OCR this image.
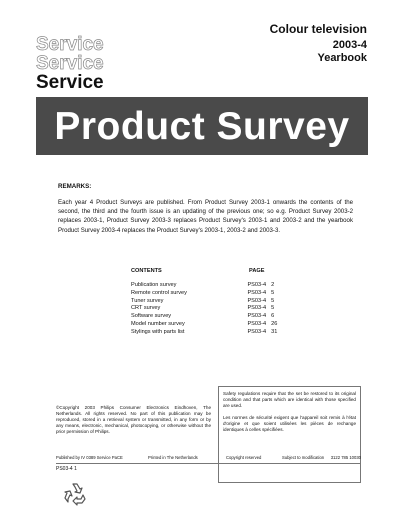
Colour television
2003-4
Yearbook
Service
Service
Service
Product Survey
REMARKS:
Each year 4 Product Surveys are published. From Product Survey 2003-1 onwards the contents of the second, the third and the fourth issue is an updating of the previous one; so e.g. Product Survey 2003-2 replaces 2003-1, Product Survey 2003-3 replaces Product Survey's 2003-1 and 2003-2 and the yearbook Product Survey 2003-4 replaces the Product Survey's 2003-1, 2003-2 and 2003-3.
CONTENTS	PAGE
Publication survey	PS03-4 2
Remote control survey	PS03-4 5
Tuner survey	PS03-4 5
CRT survey	PS03-4 5
Software survey	PS03-4 6
Model number survey	PS03-4 26
Stylings with parts list	PS03-4 31

Safety regulations require that the set be restored to its original condition and that parts which are identical with those specified are used.

Les normes de sécurité exigent que l'appareil soit remis à l'état d'origine et que soient utilisées les pièces de rechange identiques à celles spécifiées.

©Copyright 2003 Philips Consumer Electronics Eindhoven, The Netherlands. All rights reserved. No part of this publication may be reproduced, stored in a retrieval system or transmitted, in any form or by any means, electronic, mechanical, photocopying, or otherwise without the prior permission of Philips.
Published by IV 0389 Service PaCE	Printed in The Netherlands	Copyright reserved	Subject to modification 3122 785 10030
PS03-4 1
